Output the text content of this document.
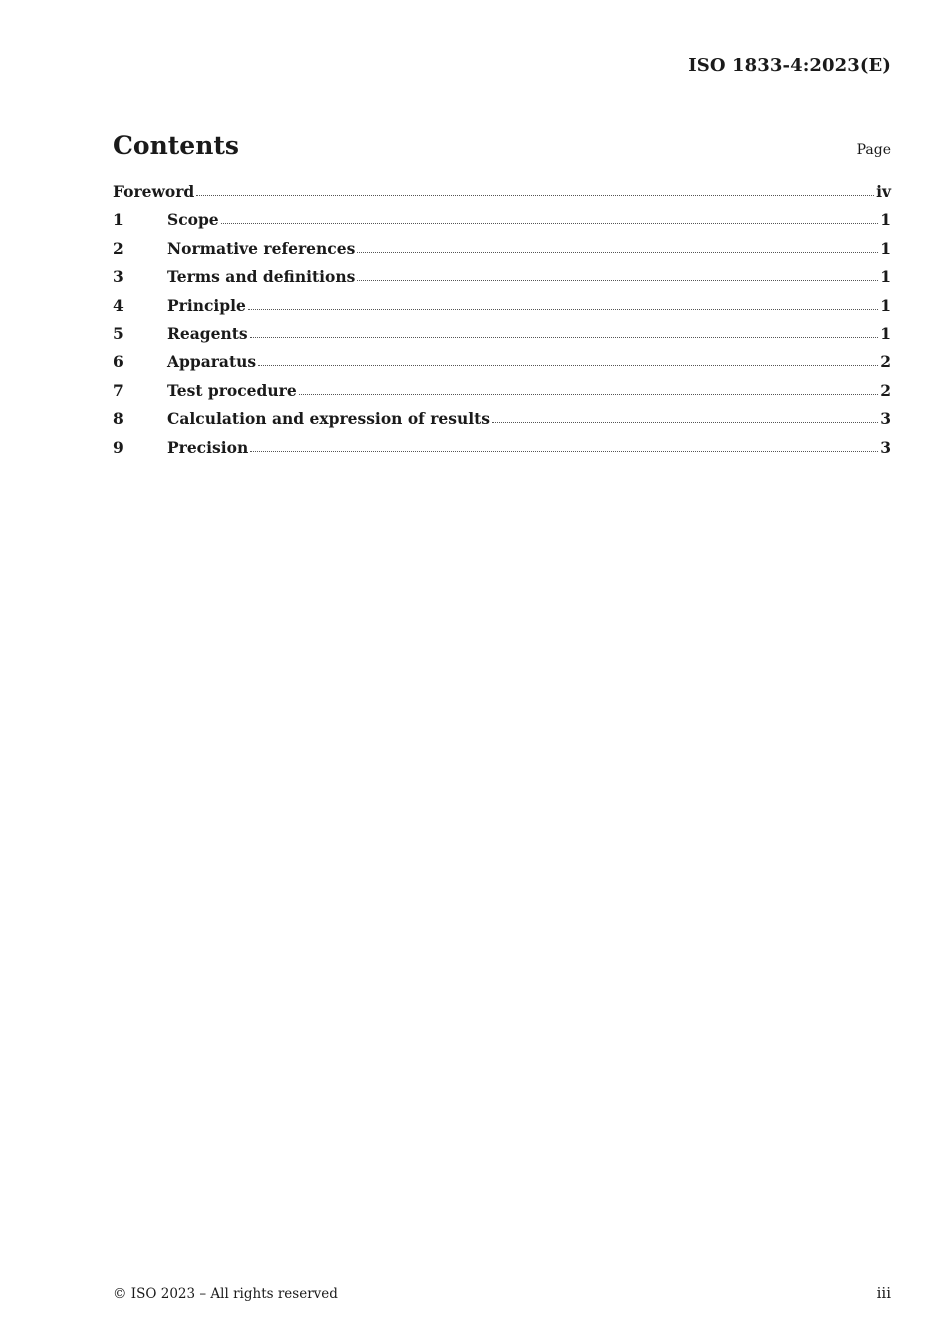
ISO 1833-4:2023(E)
Contents	Page
Foreword	iv
1	Scope	1
2	Normative references	1
3	Terms and definitions	1
4	Principle	1
5	Reagents	1
6	Apparatus	2
7	Test procedure	2
8	Calculation and expression of results	3
9	Precision	3
© ISO 2023 – All rights reserved	iii
